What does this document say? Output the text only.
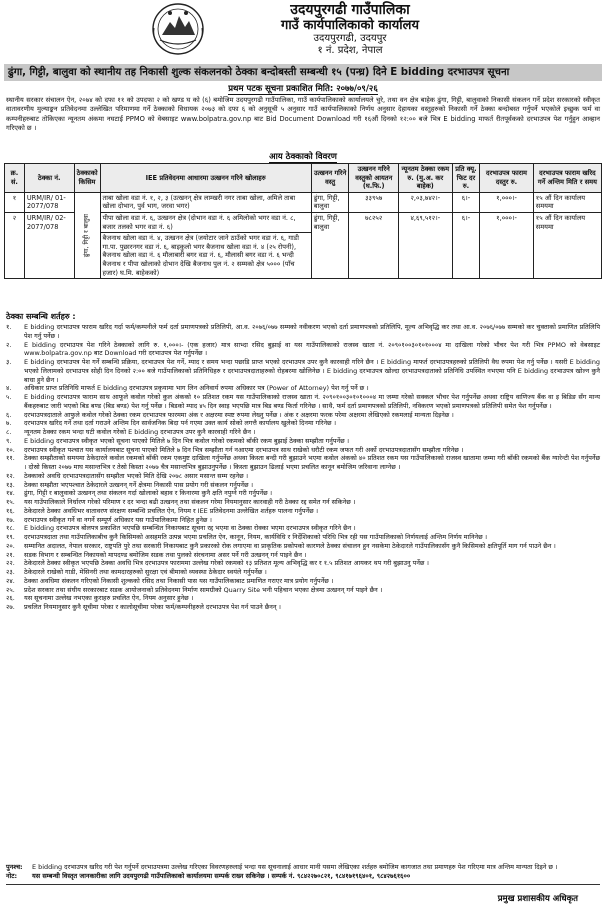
उदयपुरगढी गाउँपालिका
गाउँ कार्यपालिकाको कार्यालय
उदयपुरगढी, उदयपुर
१ नं. प्रदेश, नेपाल
ढुंगा, गिट्टी, बालुवा को स्थानीय तह निकासी शुल्क संकलनको ठेक्का बन्दोबस्ती सम्बन्धी १५ (पन्ध्र) दिने E bidding दरभाउपत्र सूचना
प्रथम पटक सूचना प्रकाशित मिति: २०७७/०९/२६
स्थानीय सरकार संचालन ऐन, २०७४ को दफा ११ को उपदफा २ को खण्ड घ को (६) बमोजिम उदयपुरगढी गाउँपालिका, गाउँ कार्यपालिकाको कार्यालयले चुरे, तथा वन क्षेत्र बाहेक ढुंगा, गिट्टी, बालुवाको निकासी संकलन गर्ने प्रदेश सरकारको स्वीकृत वातावरणीय मुल्याङ्कन प्रतिवेदनमा उल्लेखित परिमाणमा गर्ने ठेक्काको विधायक २०७३ को दफा ६ को अनुसूची ५ अनुसार गाउँ कार्यपालिकाको निर्णय अनुसार देहायका वस्तुहरुको निकासी गर्ने ठेक्का बन्दोबस्त गर्नुपर्ने भएकोले इच्छुक फर्म वा कम्पनीहरुबाट तोकिएका न्यूनतम अंकमा नघटाई PPMO को वेबसाइट www.bolpatra.gov.np बाट Bid Document Download गरी १६औं दिनको १२:०० बजे भित्र E bidding माफर्त रीतपूर्वकको दरभाउपत्र पेश गर्नुहुन आव्हान गरिएको छ ।
आय ठेक्काको विवरण
क्र. सं.	ठेक्का नं.	ठेक्काको किसिम	IEE प्रतिवेदनमा आधारमा उत्खनन गरिने खोलाहरु	उत्खनन गरिने वस्तु	उत्खनन गरिने वस्तुको आयतन (घ.फि.)	न्यूनतम ठेक्का रकम रु. (मु.अ. कर बाहेक)	प्रति क्यू. फिट दर रु.	दरभाउपत्र फाराम दस्तुर रु.	दरभाउपत्र फाराम खरिद गर्ने अन्तिम मिति र समय
१	URM/IR/ 01-2077/078	ढुंगा, गिट्टी र बालुवा	ताबा खोला वडा नं. १, २, ३ (उत्खनन् क्षेत्र लाम्खरी नगर ताबा खोला, अमिले ताबा खोला दोभान, पुर्व भाग, जरवा भगर)	ढुंगा, गिट्टी, बालुवा	३३९५७	२,०३,७४२।-	६।-	१,०००।-	१५ औं दिन कार्यालय समयमा
२	URM/IR/ 02-2077/078		पीपा खोला वडा नं. ६, उत्खनन क्षेत्र (दोभान वडा नं. ६ अमिलोको भगर वडा नं. ८, बजार तलको भगर वडा नं. ६)	ढुंगा, गिट्टी, बालुवा	७८२५२	४,६९,५१२।-	६।-	१,०००।-	१५ औं दिन कार्यालय समयमा
			बैजनाथ खोला वडा नं. ४, उत्खनन क्षेत्र (जयोटार जाने ठाउँको भगर वडा नं. ६, गाडी गा.पा. पुछारनगर वडा नं. ६, बाइकुलो भगर बैजनाथ खोला वडा नं. ४ (२५ रोपनी), बैजनाथ खोला वडा नं. ६ मौलाबारी बगर वडा नं. ६, मौलासी बगर वडा नं. ६ भन्दी बैजनाथ र पीपा खोलाको दोभान देखि बैजनाथ पुल नं. २ सम्मको क्षेत्र ५००० (पाँच हजार) घ.मि. बाहेकको)						
ठेक्का सम्बन्धि शर्तहरु :
१.	E bidding दरभाउपत्र फाराम खरिद गर्दा फर्म/कम्पनीले फर्म दर्ता प्रमाणपत्रको प्रतिलिपी, आ.व. २०७६/०७७ सम्मको नवीकरण भएको दर्ता प्रमाणपत्रको प्रतिलिपि, मूल्य अभिवृद्धि कर तथा आ.व. २०७६/०७७ सम्मको कर चुक्ताको प्रमाणित प्रतिलिपि पेश गर्नु पर्नेछ ।
२.	E bidding दरभाउपत्र पेश गरिने ठेक्काको लागि रु. १,०००।- (एक हजार) मात्र साभ्दा रसिद बुझाई वा यस गाउँपालिकाको राजस्व खाता नं. २०९०१००३०१०१०००४ मा दाखिला गरेको भौचर पेश गरी भित्र PPMO को वेबसाइट www.bolpatra.gov.np बाट Download गरी दरभाउपत्र पेश गर्नुपर्नेछ ।
३.	E bidding दरभाउपत्र पेश गर्ने सम्बन्धि प्रक्रिया, दरभाउपत्र पेश गर्ने, म्याद र समय भन्दा पछाडि प्राप्त भएको दरभाउपत्र उपर कुनै कारवाही गरिने छैन । E bidding माफर्त दरभाउपत्रहरुको प्रतिलिपी वैध रुपमा पेश गर्नु पर्नेछ । यसरी E bidding भएको लिलामको दरभाउपत्र सोही दिन दिनको २:०० बजे गाउँपालिकाको प्रतिनिधिहरु र दरभाउपत्रदाताहरुको रोहबरमा खोलिनेछ । E bidding दरभाउपत्र खोल्दा दरभाउपत्रदाताको प्रतिनिधि उपस्थित नभएमा पनि E bidding दरभाउपत्र खोल्न कुनै बाधा हुने छैन ।
४.	अधिकार प्राप्त प्रतिनिधि माफर्त E bidding दरभाउपत्र प्रकृयामा भाग लिन अनिवार्य रुपमा अधिकार पत्र (Power of Attorney) पेश गर्नु पर्ने छ ।
५.	E bidding दरभाउपत्र फाराम साथ आफूले कवोल गरेको कुल अंकको १० प्रतिशत रकम यस गाउँपालिकाको राजस्व खाता नं. २०९०१००३०१०१०००४ मा जम्मा गरेको सक्कल भौचर पेश गर्नुपर्नेछ अथवा राष्ट्रिय वाणिज्य बैंक वा इ बिडिङ सँग मान्य बैंकहरुबाट जारी भएको बिड बण्ड (बिड बण्ड) पेश गर्नु पर्नेछ । बिडको म्याद ४५ दिन स्वाइ भएपछि मात्र बिड बण्ड फिर्ता गरिनेछ । साथै, फर्म दर्ता प्रमाणपत्रको प्रतिलिपी, नविकरण भएको प्रमाणपत्रको प्रतिलिपी समेत पेश गर्नुपर्नेछ ।
६.	दरभाउपत्रदाताले आफुले कवोल गरेको ठेक्का रकम दरभाउपत्र फारममा अंक र अक्षरमा स्पष्ट रुपमा लेख्नु पर्नेछ । अंक र अक्षरमा फरक परेमा अक्षरमा लेखिएको रकमलाई मान्यता दिइनेछ ।
७.	दरभाउपत्र खरिद गर्ने तथा दर्ता गराउने अन्तिम दिन सार्वजनिक बिदा पर्न गएमा उक्त कार्य सोको लगत्तै कार्यालय खुलेको दिनमा गरिनेछ ।
८.	न्यूनतम ठेक्का रकम भन्दा घटी कवोल गरेको E bidding दरभाउपत्र उपर कुनै कारवाही गरिने छैन ।
९.	E bidding दरभाउपत्र स्वीकृत भएको सूचना पाएको मितिले ७ दिन भित्र कवोल गरेको रकमको बाँकी रकम बुझाई ठेक्का सम्झौता गर्नुपर्नेछ ।
१०.	दरभाउपत्र स्वीकृत पश्चात यस कार्यालयबाट सूचना पाएको मितिले ७ दिन भित्र सम्झौता गर्न नआएमा दरभाउपत्र साथ राखेको धरौटी रकम जफत गरी अर्को दरभाउपत्रदातासँग सम्झौता गरिनेछ ।
११.	ठेक्का सम्झौताको समयमा ठेकेदारले कवोल रकमको बाँकी रकम एकमुष्ट दाखिला गर्नुपर्नेछ अथवा किस्ता बन्दी गरी बुझाउने भएमा कवोल अंकको ४० प्रतिशत रकम यस गाउँपालिकाको राजस्व खातामा जम्मा गरी बाँकी रकमको बैंक ग्यारेन्टी पेश गर्नुपर्नेछ । दोस्रो किस्ता २०७७ माघ मसान्तभित्र र तेस्रो किस्ता २०७७ चैत्र मसान्तभित्र बुझाउनुपर्नेछ । किस्ता बुझाउन ढिलाई भएमा प्रचलित कानून बमोजिम जरिवाना लाग्नेछ ।
१२.	ठेक्काको अवधि दरभाउपत्रदातासँग सम्झौता भएको मिति देखि २०७८ असार मसान्त सम्म रहनेछ ।
१३.	ठेक्का सम्झौता भएपश्चात ठेकेदारले उत्खनन् गर्ने क्षेत्रमा निकासी पास प्रयोग गरी संकलन गर्नुपर्नेछ ।
१४.	ढुंगा, गिट्टी र बालुवाको उत्खनन् तथा संकलन गर्दा खोलाको बहाव र किनारमा कुनै क्षति नपुग्ने गरी गर्नुपर्नेछ ।
१५.	यस गाउँपालिकाले निर्धारण गरेको परिमाण र दर भन्दा बढी उत्खनन् तथा संकलन गरेमा नियमानुसार कारवाही गरी ठेक्का रद्द समेत गर्न सकिनेछ ।
१६.	ठेकेदारले ठेक्का अवधिभर वातावरण संरक्षण सम्बन्धि प्रचलित ऐन, नियम र IEE प्रतिवेदनमा उल्लेखित शर्तहरु पालना गर्नुपर्नेछ ।
१७.	दरभाउपत्र स्वीकृत गर्ने वा नगर्ने सम्पूर्ण अधिकार यस गाउँपालिकामा निहित हुनेछ ।
१८.	E bidding दरभाउपत्र बोलपत्र प्रकाशित भएपछि सम्बन्धित निकायबाट सूचना रद्द भएमा वा ठेक्का रोक्का भएमा दरभाउपत्र स्वीकृत गरिने छैन ।
१९.	दरभाउपत्रदाता तथा गाउँपालिकाबीच कुनै किसिमको असहमति उत्पन्न भएमा प्रचलित ऐन, कानून, नियम, कार्यविधि र निर्देशिकाको परिधि भित्र रही यस गाउँपालिकाको निर्णयलाई अन्तिम निर्णय मानिनेछ ।
२०.	सम्मानित अदालत, नेपाल सरकार, राष्ट्रपति पुरे तथा सरकारी निकायबाट कुनै प्रकारको रोक लगाएमा वा प्राकृतिक प्रकोपको कारणले ठेक्का संचालन हुन नसकेमा ठेकेदारले गाउँपालिकासँग कुनै किसिमको क्षतिपूर्ति माग गर्न पाउने छैन ।
२१.	सडक विभाग र सम्बन्धित निकायको मापदण्ड बमोजिम सडक तथा पुलको संरचनामा असर पर्ने गरी उत्खनन् गर्न पाइने छैन ।
२२.	ठेकेदारले ठेक्का स्वीकृत भएपछि ठेक्का अवधि भित्र दरभाउपत्र फाराममा उल्लेख गरेको रकमको १३ प्रतिशत मूल्य अभिवृद्धि कर र १.५ प्रतिशत आयकर थप गरी बुझाउनु पर्नेछ ।
२३.	ठेकेदारले राखेको गाडी, मेसिनरी तथा कामदारहरुको सुरक्षा एवं बीमाको व्यवस्था ठेकेदार स्वयंले गर्नुपर्नेछ ।
२४.	ठेक्का अवधिमा संकलन गरिएको निकासी शुल्कको रसिद तथा निकासी पास यस गाउँपालिकाबाट प्रमाणित गराएर मात्र प्रयोग गर्नुपर्नेछ ।
२५.	प्रदेश सरकार तथा संघीय सरकारबाट सडक आयोजनाको प्रतिवेदनमा निर्माण सामग्रीको Quarry Site भनी पहिचान भएका क्षेत्रमा उत्खनन् गर्न पाइने छैन ।
२६.	यस सूचनामा उल्लेख नभएका कुराहरु प्रचलित ऐन, नियम अनुसार हुनेछ ।
२७.	प्रचलित नियमानुसार कुनै सूचीमा परेका र कालोसूचीमा परेका फर्म/कम्पनीहरुले दरभाउपत्र पेश गर्न पाउने छैनन् ।
पुनश्च:	E bidding दरभाउपत्र खरिद गरी पेश गर्नुपर्ने दरभाउपत्रमा उल्लेख गरिएका विवरणहरुलाई भन्दा यस सूचनालाई आधार मानी यसमा लेखिएका शर्तहरु बमोजिम कागजात तथा प्रमाणहरु पेश गरिएमा मात्र अन्तिम मान्यता दिइने छ ।
नोट:	यस सम्बन्धी विस्तृत जानकारीका लागि उदयपुरगढी गाउँपालिकाको कार्यालयमा सम्पर्क राख्न सकिनेछ । सम्पर्क नं. ९८४२२७०८२१, ९८४१७१९६४०१, ९८४२७६१६००
प्रमुख प्रशासकीय अधिकृत
